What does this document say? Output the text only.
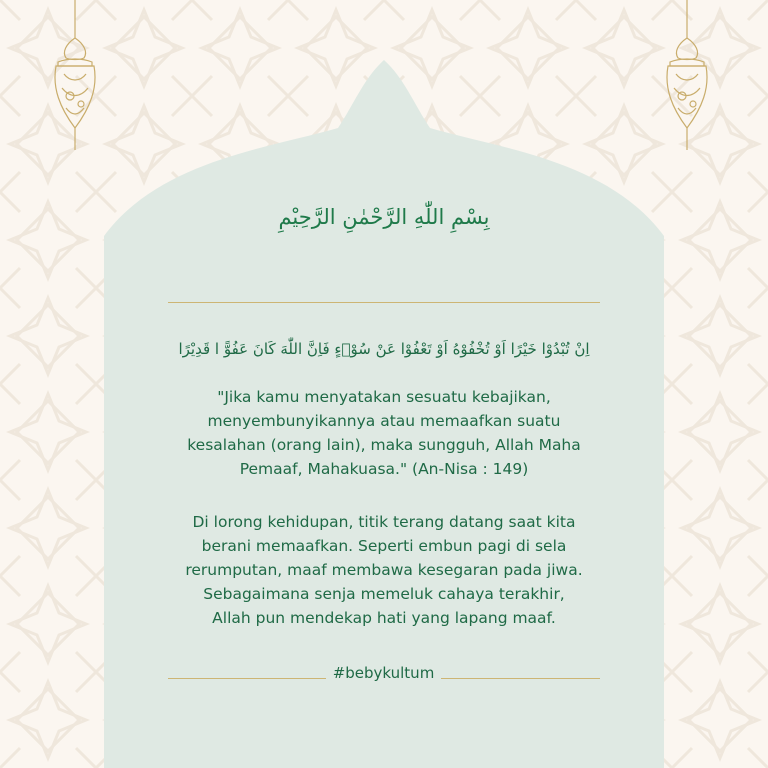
بِسْمِ اللّٰهِ الرَّحْمٰنِ الرَّحِيْمِ
اِنْ تُبْدُوْا خَيْرًا اَوْ تُخْفُوْهُ اَوْ تَعْفُوْا عَنْ سُوْۤءٍ فَاِنَّ اللّٰهَ كَانَ عَفُوًّ ا قَدِيْرًا
"Jika kamu menyatakan sesuatu kebajikan,
menyembunyikannya atau memaafkan suatu
kesalahan (orang lain), maka sungguh, Allah Maha
Pemaaf, Mahakuasa." (An-Nisa : 149)
Di lorong kehidupan, titik terang datang saat kita
berani memaafkan. Seperti embun pagi di sela
rerumputan, maaf membawa kesegaran pada jiwa.
Sebagaimana senja memeluk cahaya terakhir,
Allah pun mendekap hati yang lapang maaf.
#bebykultum
